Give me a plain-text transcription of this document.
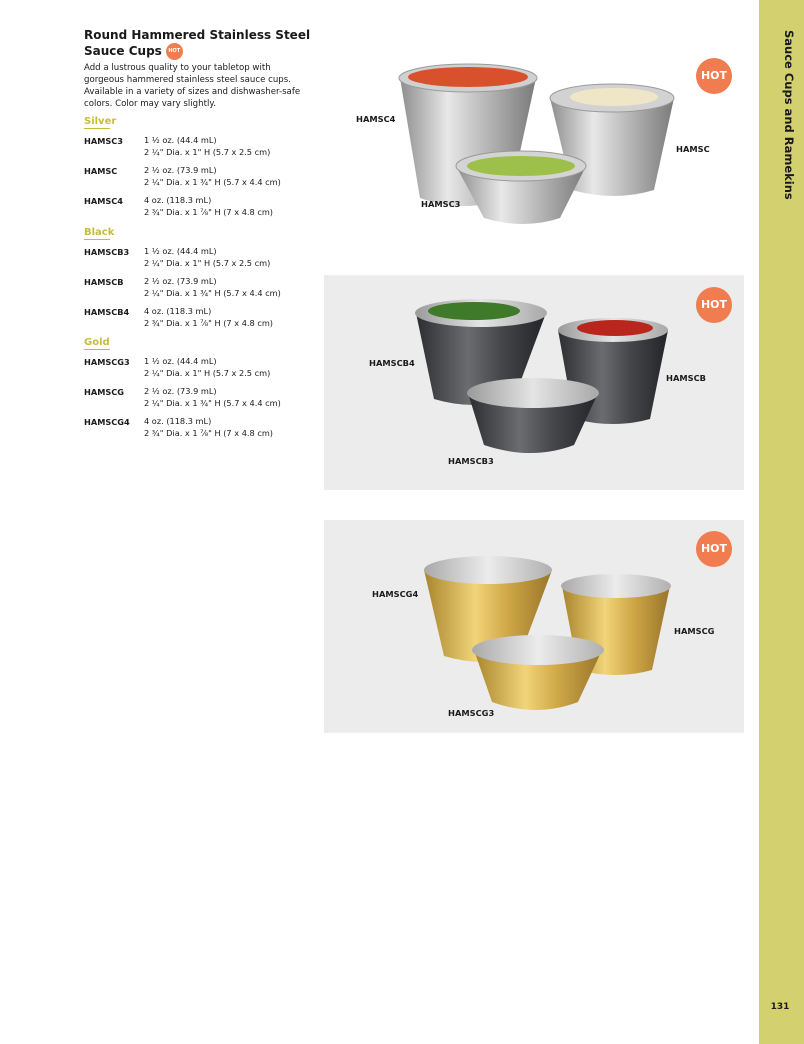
Sauce Cups and Ramekins
131
Round Hammered Stainless Steel
Sauce Cups HOT
Add a lustrous quality to your tabletop with gorgeous hammered stainless steel sauce cups. Available in a variety of sizes and dishwasher-safe colors. Color may vary slightly.
Silver
HAMSC3	1 ½ oz. (44.4 mL)
2 ¼" Dia. x 1" H (5.7 x 2.5 cm)
HAMSC	2 ½ oz. (73.9 mL)
2 ¼" Dia. x 1 ¾" H (5.7 x 4.4 cm)
HAMSC4	4 oz. (118.3 mL)
2 ¾" Dia. x 1 ⁷⁄₈" H (7 x 4.8 cm)
Black
HAMSCB3 1 ½ oz. (44.4 mL)
2 ¼" Dia. x 1" H (5.7 x 2.5 cm)
HAMSCB	2 ½ oz. (73.9 mL)
2 ¼" Dia. x 1 ¾" H (5.7 x 4.4 cm)
HAMSCB4 4 oz. (118.3 mL)
2 ¾" Dia. x 1 ⁷⁄₈" H (7 x 4.8 cm)
Gold
HAMSCG3 1 ½ oz. (44.4 mL)
2 ¼" Dia. x 1" H (5.7 x 2.5 cm)
HAMSCG 2 ½ oz. (73.9 mL)
2 ¼" Dia. x 1 ¾" H (5.7 x 4.4 cm)
HAMSCG4 4 oz. (118.3 mL)
2 ¾" Dia. x 1 ⁷⁄₈" H (7 x 4.8 cm)
HOT
HAMSC4
HAMSC
HAMSC3
HOT
HAMSCB4
HAMSCB
HAMSCB3
HOT
HAMSCG4
HAMSCG
HAMSCG3
